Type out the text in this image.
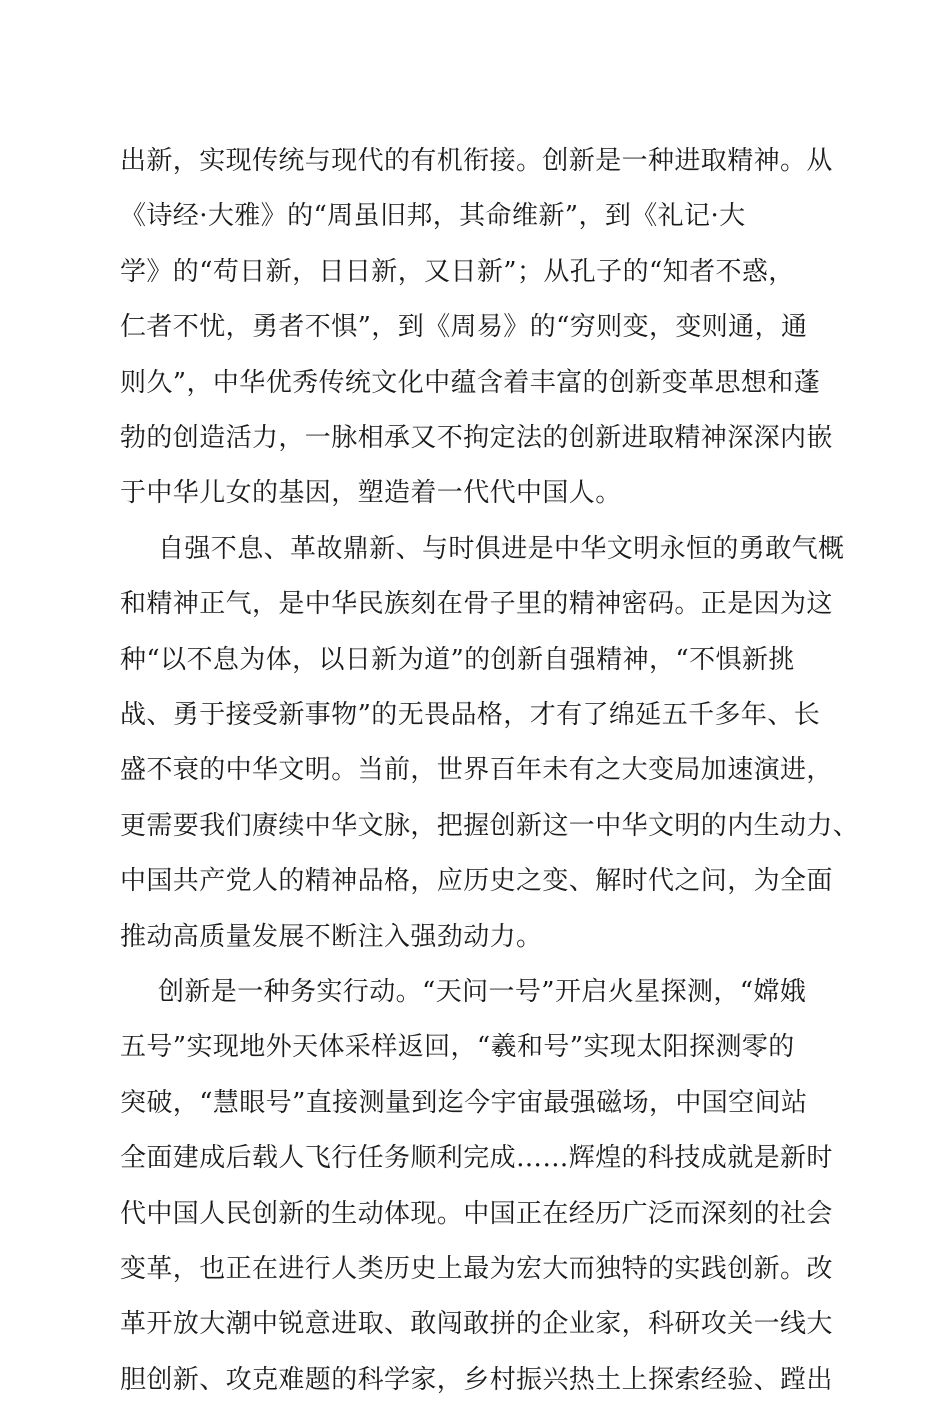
出新，实现传统与现代的有机衔接。创新是一种进取精神。从
《诗经·大雅》的“周虽旧邦，其命维新”，到《礼记·大
学》的“苟日新，日日新，又日新”；从孔子的“知者不惑，
仁者不忧，勇者不惧”，到《周易》的“穷则变，变则通，通
则久”，中华优秀传统文化中蕴含着丰富的创新变革思想和蓬
勃的创造活力，一脉相承又不拘定法的创新进取精神深深内嵌
于中华儿女的基因，塑造着一代代中国人。
自强不息、革故鼎新、与时俱进是中华文明永恒的勇敢气概
和精神正气，是中华民族刻在骨子里的精神密码。正是因为这
种“以不息为体，以日新为道”的创新自强精神，“不惧新挑
战、勇于接受新事物”的无畏品格，才有了绵延五千多年、长
盛不衰的中华文明。当前，世界百年未有之大变局加速演进，
更需要我们赓续中华文脉，把握创新这一中华文明的内生动力、
中国共产党人的精神品格，应历史之变、解时代之问，为全面
推动高质量发展不断注入强劲动力。
创新是一种务实行动。“天问一号”开启火星探测，“嫦娥
五号”实现地外天体采样返回，“羲和号”实现太阳探测零的
突破，“慧眼号”直接测量到迄今宇宙最强磁场，中国空间站
全面建成后载人飞行任务顺利完成……辉煌的科技成就是新时
代中国人民创新的生动体现。中国正在经历广泛而深刻的社会
变革，也正在进行人类历史上最为宏大而独特的实践创新。改
革开放大潮中锐意进取、敢闯敢拼的企业家，科研攻关一线大
胆创新、攻克难题的科学家，乡村振兴热土上探索经验、蹚出
